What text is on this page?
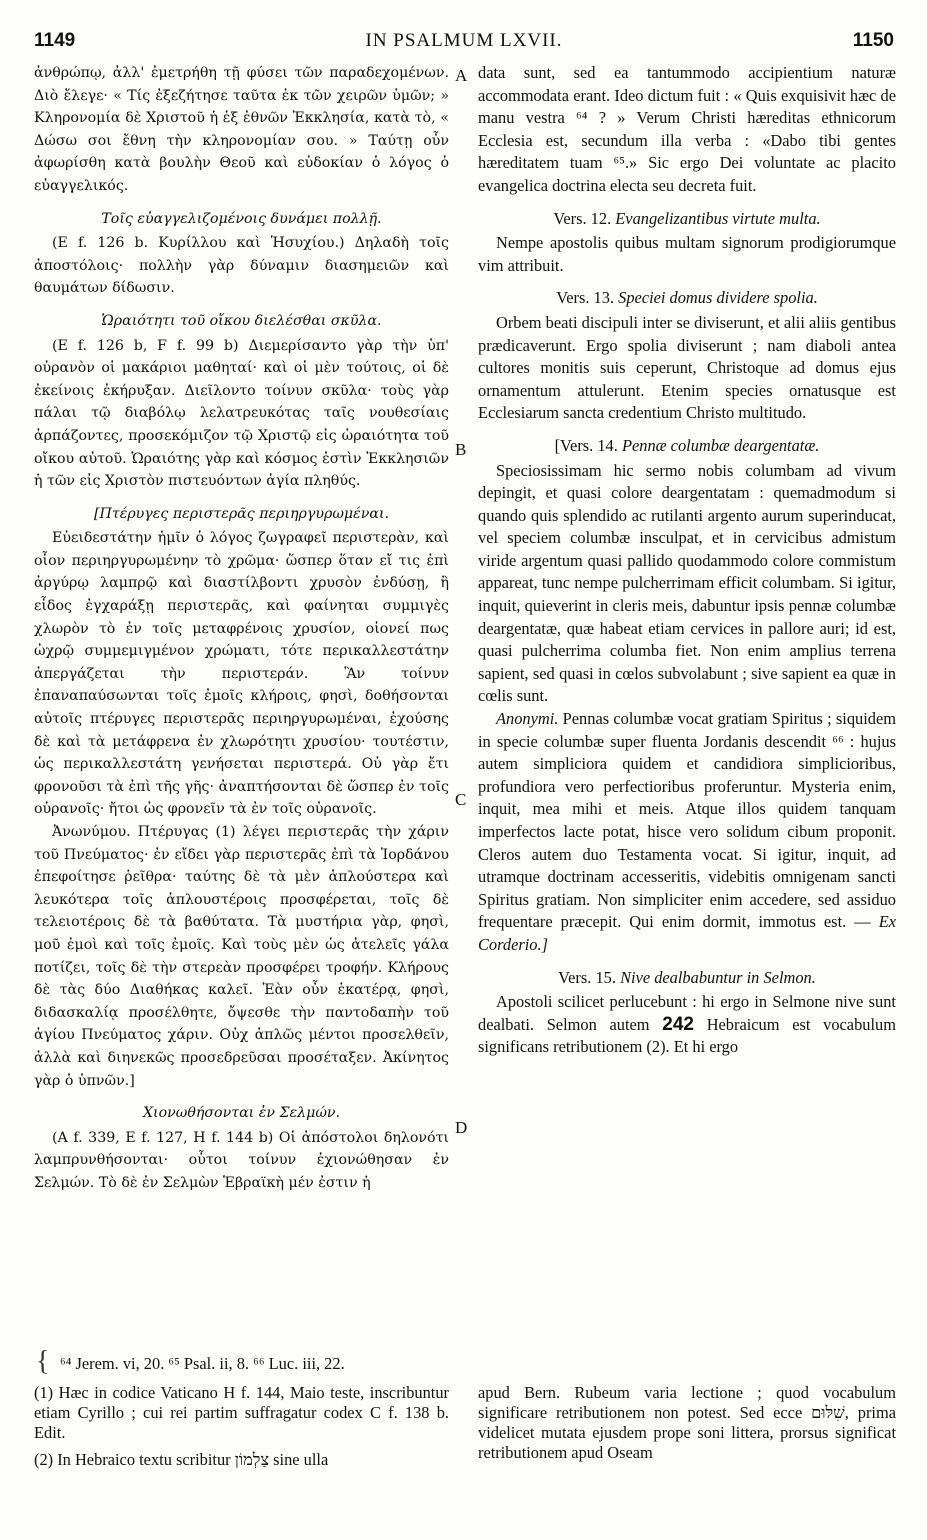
1149	IN PSALMUM LXVII.	1150

ἀνθρώπῳ, ἀλλ' ἐμετρήθη τῇ φύσει τῶν παραδεχομένων. Διὸ ἔλεγε· « Τίς ἐξεζήτησε ταῦτα ἐκ τῶν χειρῶν ὑμῶν; » Κληρονομία δὲ Χριστοῦ ἡ ἐξ ἐθνῶν Ἐκκλησία, κατὰ τὸ, « Δώσω σοι ἔθνη τὴν κληρονομίαν σου. » Ταύτῃ οὖν ἀφωρίσθη κατὰ βουλὴν Θεοῦ καὶ εὐδοκίαν ὁ λόγος ὁ εὐαγγελικός.

Τοῖς εὐαγγελιζομένοις δυνάμει πολλῇ.

(E f. 126 b. Κυρίλλου καὶ Ἡσυχίου.) Δηλαδὴ τοῖς ἀποστόλοις· πολλὴν γὰρ δύναμιν διασημειῶν καὶ θαυμάτων δίδωσιν.

Ὡραιότητι τοῦ οἴκου διελέσθαι σκῦλα.

(E f. 126 b, F f. 99 b) Διεμερίσαντο γὰρ τὴν ὑπ' οὐρανὸν οἱ μακάριοι μαθηταί· καὶ οἱ μὲν τούτοις, οἱ δὲ ἐκείνοις ἐκήρυξαν. Διεῖλοντο τοίνυν σκῦλα· τοὺς γὰρ πάλαι τῷ διαβόλῳ λελατρευκότας ταῖς νουθεσίαις ἁρπάζοντες, προσεκόμιζον τῷ Χριστῷ εἰς ὡραιότητα τοῦ οἴκου αὐτοῦ. Ὡραιότης γὰρ καὶ κόσμος ἐστὶν Ἐκκλησιῶν ἡ τῶν εἰς Χριστὸν πιστευόντων ἁγία πληθύς.

[Πτέρυγες περιστερᾶς περιηργυρωμέναι.

Εὐειδεστάτην ἡμῖν ὁ λόγος ζωγραφεῖ περιστερὰν, καὶ οἷον περιηργυρωμένην τὸ χρῶμα· ὥσπερ ὅταν εἴ τις ἐπὶ ἀργύρῳ λαμπρῷ καὶ διαστίλβοντι χρυσὸν ἐνδύσῃ, ἢ εἶδος ἐγχαράξῃ περιστερᾶς, καὶ φαίνηται συμμιγὲς χλωρὸν τὸ ἐν τοῖς μεταφρένοις χρυσίον, οἱονεί πως ὠχρῷ συμμεμιγμένον χρώματι, τότε περικαλλεστάτην ἀπεργάζεται τὴν περιστεράν. Ἂν τοίνυν ἐπαναπαύσωνται τοῖς ἐμοῖς κλήροις, φησὶ, δοθήσονται αὐτοῖς πτέρυγες περιστερᾶς περιηργυρωμέναι, ἐχούσης δὲ καὶ τὰ μετάφρενα ἐν χλωρότητι χρυσίου· τουτέστιν, ὡς περικαλλεστάτη γενήσεται περιστερά. Οὐ γὰρ ἔτι φρονοῦσι τὰ ἐπὶ τῆς γῆς· ἀναπτήσονται δὲ ὥσπερ ἐν τοῖς οὐρανοῖς· ἤτοι ὡς φρονεῖν τὰ ἐν τοῖς οὐρανοῖς.

Ἀνωνύμου. Πτέρυγας (1) λέγει περιστερᾶς τὴν χάριν τοῦ Πνεύματος· ἐν εἴδει γὰρ περιστερᾶς ἐπὶ τὰ Ἰορδάνου ἐπεφοίτησε ῥεῖθρα· ταύτης δὲ τὰ μὲν ἁπλούστερα καὶ λευκότερα τοῖς ἁπλουστέροις προσφέρεται, τοῖς δὲ τελειοτέροις δὲ τὰ βαθύτατα. Τὰ μυστήρια γὰρ, φησὶ, μοῦ ἐμοὶ καὶ τοῖς ἐμοῖς. Καὶ τοὺς μὲν ὡς ἀτελεῖς γάλα ποτίζει, τοῖς δὲ τὴν στερεὰν προσφέρει τροφήν. Κλήρους δὲ τὰς δύο Διαθήκας καλεῖ. Ἐὰν οὖν ἑκατέρᾳ, φησὶ, διδασκαλίᾳ προσέλθητε, ὄψεσθε τὴν παντοδαπὴν τοῦ ἁγίου Πνεύματος χάριν. Οὐχ ἁπλῶς μέντοι προσελθεῖν, ἀλλὰ καὶ διηνεκῶς προσεδρεῦσαι προσέταξεν. Ἀκίνητος γὰρ ὁ ὑπνῶν.]

Χιονωθήσονται ἐν Σελμών.

(A f. 339, E f. 127, H f. 144 b) Οἱ ἀπόστολοι δηλονότι λαμπρυνθήσονται· οὗτοι τοίνυν ἐχιονώθησαν ἐν Σελμών. Τὸ δὲ ἐν Σελμὼν Ἑβραϊκὴ μέν ἐστιν ἡ

data sunt, sed ea tantummodo accipientium naturæ accommodata erant. Ideo dictum fuit : « Quis exquisivit hæc de manu vestra ⁶⁴ ? » Verum Christi hæreditas ethnicorum Ecclesia est, secundum illa verba : «Dabo tibi gentes hæreditatem tuam ⁶⁵.» Sic ergo Dei voluntate ac placito evangelica doctrina electa seu decreta fuit.

Vers. 12. Evangelizantibus virtute multa.

Nempe apostolis quibus multam signorum prodigiorumque vim attribuit.

Vers. 13. Speciei domus dividere spolia.

Orbem beati discipuli inter se diviserunt, et alii aliis gentibus prædicaverunt. Ergo spolia diviserunt ; nam diaboli antea cultores monitis suis ceperunt, Christoque ad domus ejus ornamentum attulerunt. Etenim species ornatusque est Ecclesiarum sancta credentium Christo multitudo.

[Vers. 14. Pennæ columbæ deargentatæ.

Speciosissimam hic sermo nobis columbam ad vivum depingit, et quasi colore deargentatam : quemadmodum si quando quis splendido ac rutilanti argento aurum superinducat, vel speciem columbæ insculpat, et in cervicibus admistum viride argentum quasi pallido quodammodo colore commistum appareat, tunc nempe pulcherrimam efficit columbam. Si igitur, inquit, quieverint in cleris meis, dabuntur ipsis pennæ columbæ deargentatæ, quæ habeat etiam cervices in pallore auri; id est, quasi pulcherrima columba fiet. Non enim amplius terrena sapient, sed quasi in cœlos subvolabunt ; sive sapient ea quæ in cœlis sunt.

Anonymi. Pennas columbæ vocat gratiam Spiritus ; siquidem in specie columbæ super fluenta Jordanis descendit ⁶⁶ : hujus autem simpliciora quidem et candidiora simplicioribus, profundiora vero perfectioribus proferuntur. Mysteria enim, inquit, mea mihi et meis. Atque illos quidem tanquam imperfectos lacte potat, hisce vero solidum cibum proponit. Cleros autem duo Testamenta vocat. Si igitur, inquit, ad utramque doctrinam accesseritis, videbitis omnigenam sancti Spiritus gratiam. Non simpliciter enim accedere, sed assiduo frequentare præcepit. Qui enim dormit, immotus est. — Ex Corderio.]

Vers. 15. Nive dealbabuntur in Selmon.

Apostoli scilicet perlucebunt : hi ergo in Selmone nive sunt dealbati. Selmon autem 242 Hebraicum est vocabulum significans retributionem (2). Et hi ergo

A
B
C
D
{ ⁶⁴ Jerem. vi, 20. ⁶⁵ Psal. ii, 8. ⁶⁶ Luc. iii, 22.
(1) Hæc in codice Vaticano H f. 144, Maio teste, inscribuntur etiam Cyrillo ; cui rei partim suffragatur codex C f. 138 b. Edit.
(2) In Hebraico textu scribitur צַלְמוֹן sine ulla
apud Bern. Rubeum varia lectione ; quod vocabulum significare retributionem non potest. Sed ecce שִׁלּוּם, prima videlicet mutata ejusdem prope soni littera, prorsus significat retributionem apud Oseam
